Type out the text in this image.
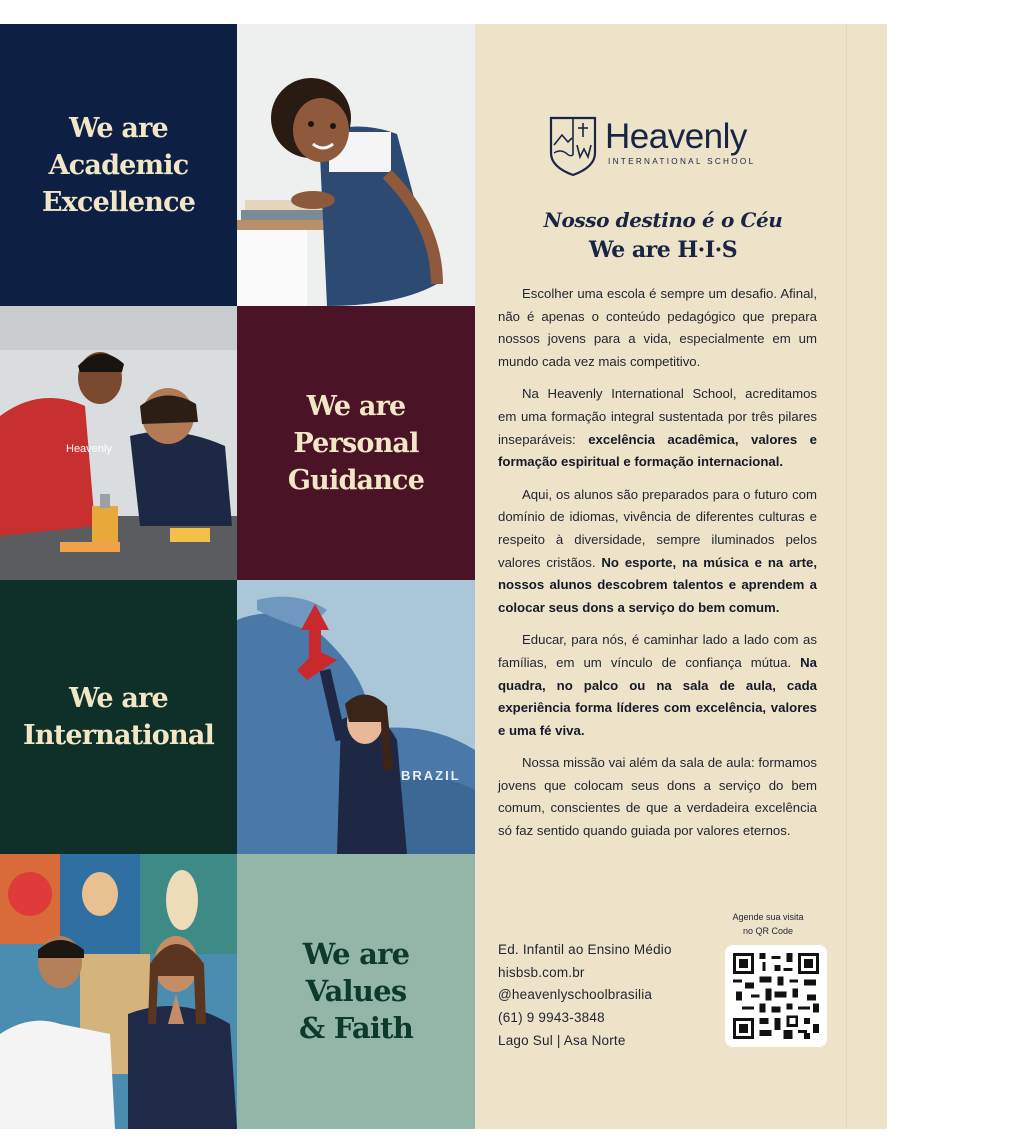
We are
Academic
Excellence
We are
Personal
Guidance
We are
International
We are
Values
& Faith
Heavenly
BRAZIL
Heavenly
INTERNATIONAL SCHOOL
Nosso destino é o Céu
We are H·I·S

Escolher uma escola é sempre um desafio. Afinal, não é apenas o conteúdo pedagógico que prepara nossos jovens para a vida, especialmente em um mundo cada vez mais competitivo.

Na Heavenly International School, acreditamos em uma formação integral sustentada por três pilares inseparáveis: excelência acadêmica, valores e formação espiritual e formação internacional.

Aqui, os alunos são preparados para o futuro com domínio de idiomas, vivência de diferentes culturas e respeito à diversidade, sempre iluminados pelos valores cristãos. No esporte, na música e na arte, nossos alunos descobrem talentos e aprendem a colocar seus dons a serviço do bem comum.

Educar, para nós, é caminhar lado a lado com as famílias, em um vínculo de confiança mútua. Na quadra, no palco ou na sala de aula, cada experiência forma líderes com excelência, valores e uma fé viva.

Nossa missão vai além da sala de aula: formamos jovens que colocam seus dons a serviço do bem comum, conscientes de que a verdadeira excelência só faz sentido quando guiada por valores eternos.

Agende sua visita
no QR Code
Ed. Infantil ao Ensino Médio
hisbsb.com.br
@heavenlyschoolbrasilia
(61) 9 9943-3848
Lago Sul | Asa Norte
